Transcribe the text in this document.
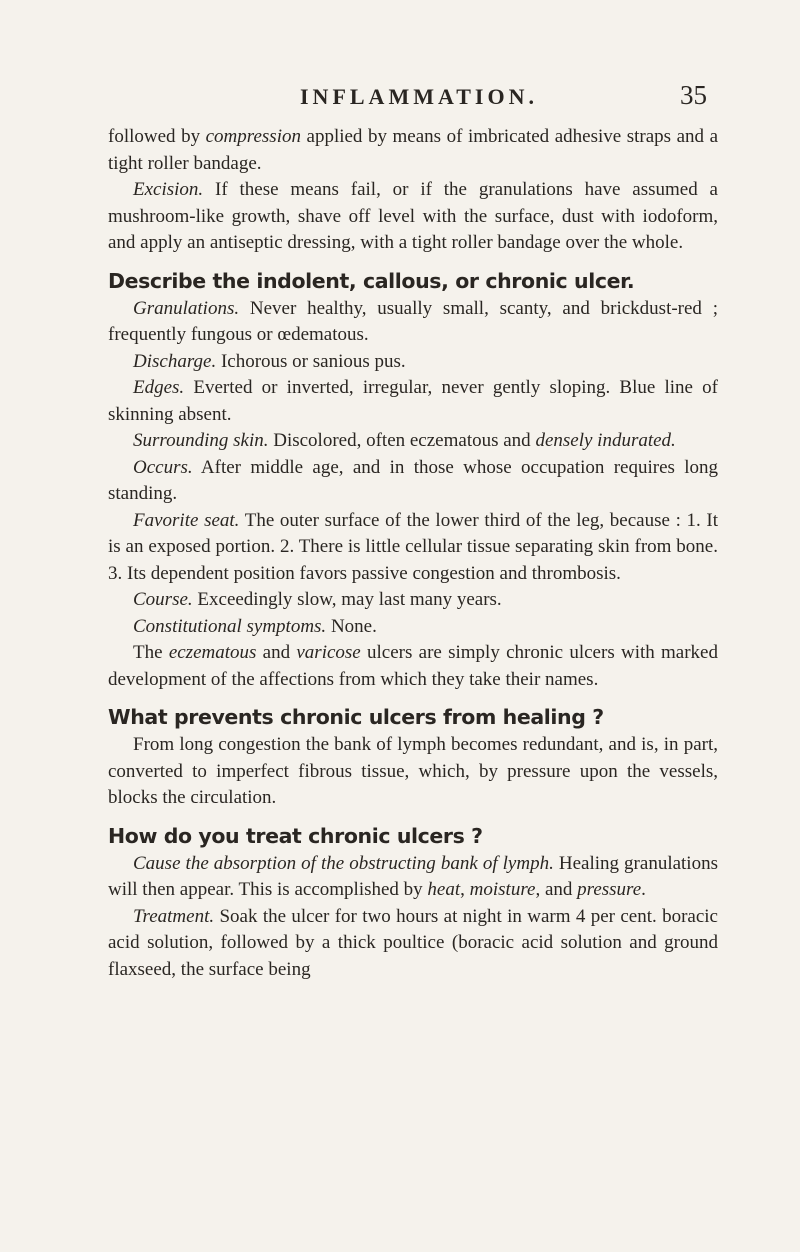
INFLAMMATION.	35

followed by compression applied by means of imbricated adhesive straps and a tight roller bandage.

Excision. If these means fail, or if the granulations have assumed a mushroom-like growth, shave off level with the surface, dust with iodoform, and apply an antiseptic dressing, with a tight roller bandage over the whole.

Describe the indolent, callous, or chronic ulcer.

Granulations. Never healthy, usually small, scanty, and brickdust-red ; frequently fungous or œdematous.

Discharge. Ichorous or sanious pus.

Edges. Everted or inverted, irregular, never gently sloping. Blue line of skinning absent.

Surrounding skin. Discolored, often eczematous and densely indurated.

Occurs. After middle age, and in those whose occupation requires long standing.

Favorite seat. The outer surface of the lower third of the leg, because : 1. It is an exposed portion. 2. There is little cellular tissue separating skin from bone. 3. Its dependent position favors passive congestion and thrombosis.

Course. Exceedingly slow, may last many years.

Constitutional symptoms. None.

The eczematous and varicose ulcers are simply chronic ulcers with marked development of the affections from which they take their names.

What prevents chronic ulcers from healing ?

From long congestion the bank of lymph becomes redundant, and is, in part, converted to imperfect fibrous tissue, which, by pressure upon the vessels, blocks the circulation.

How do you treat chronic ulcers ?

Cause the absorption of the obstructing bank of lymph. Healing granulations will then appear. This is accomplished by heat, moisture, and pressure.

Treatment. Soak the ulcer for two hours at night in warm 4 per cent. boracic acid solution, followed by a thick poultice (boracic acid solution and ground flaxseed, the surface being
